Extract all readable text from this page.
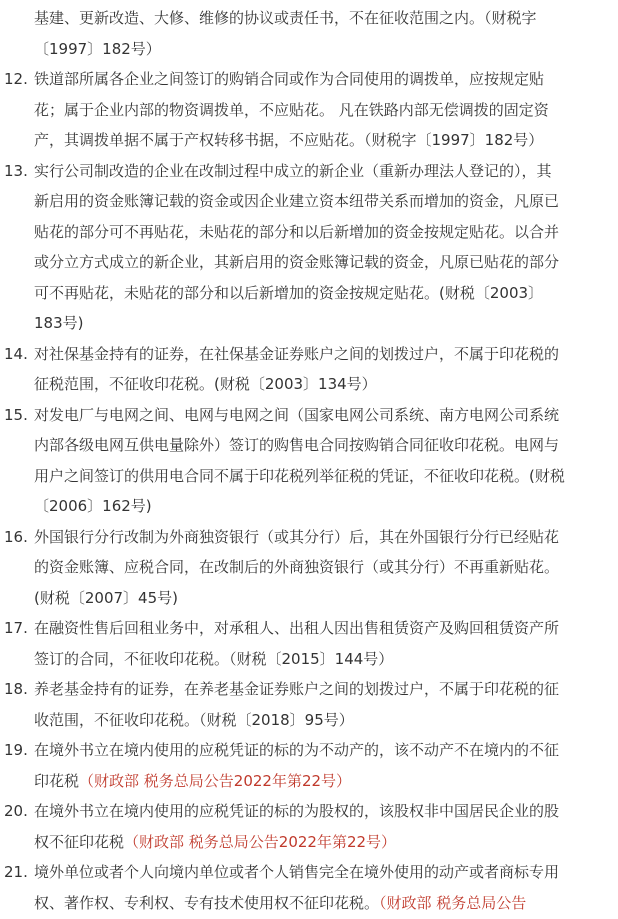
基建、更新改造、大修、维修的协议或责任书，不在征收范围之内。（财税字
〔1997〕182号）
12. 铁道部所属各企业之间签订的购销合同或作为合同使用的调拨单，应按规定贴
花；属于企业内部的物资调拨单，不应贴花。 凡在铁路内部无偿调拨的固定资
产，其调拨单据不属于产权转移书据，不应贴花。（财税字〔1997〕182号）
13. 实行公司制改造的企业在改制过程中成立的新企业（重新办理法人登记的），其
新启用的资金账簿记载的资金或因企业建立资本纽带关系而增加的资金，凡原已
贴花的部分可不再贴花，未贴花的部分和以后新增加的资金按规定贴花。以合并
或分立方式成立的新企业，其新启用的资金账簿记载的资金，凡原已贴花的部分
可不再贴花，未贴花的部分和以后新增加的资金按规定贴花。(财税〔2003〕
183号)
14. 对社保基金持有的证券，在社保基金证券账户之间的划拨过户，不属于印花税的
征税范围，不征收印花税。(财税〔2003〕134号）
15. 对发电厂与电网之间、电网与电网之间（国家电网公司系统、南方电网公司系统
内部各级电网互供电量除外）签订的购售电合同按购销合同征收印花税。电网与
用户之间签订的供用电合同不属于印花税列举征税的凭证，不征收印花税。(财税
〔2006〕162号)
16. 外国银行分行改制为外商独资银行（或其分行）后，其在外国银行分行已经贴花
的资金账簿、应税合同，在改制后的外商独资银行（或其分行）不再重新贴花。
(财税〔2007〕45号)
17. 在融资性售后回租业务中，对承租人、出租人因出售租赁资产及购回租赁资产所
签订的合同，不征收印花税。（财税〔2015〕144号）
18. 养老基金持有的证券，在养老基金证券账户之间的划拨过户，不属于印花税的征
收范围，不征收印花税。（财税〔2018〕95号）
19. 在境外书立在境内使用的应税凭证的标的为不动产的，该不动产不在境内的不征
印花税（财政部 税务总局公告2022年第22号）
20. 在境外书立在境内使用的应税凭证的标的为股权的，该股权非中国居民企业的股
权不征印花税（财政部 税务总局公告2022年第22号）
21. 境外单位或者个人向境内单位或者个人销售完全在境外使用的动产或者商标专用
权、著作权、专利权、专有技术使用权不征印花税。（财政部 税务总局公告
